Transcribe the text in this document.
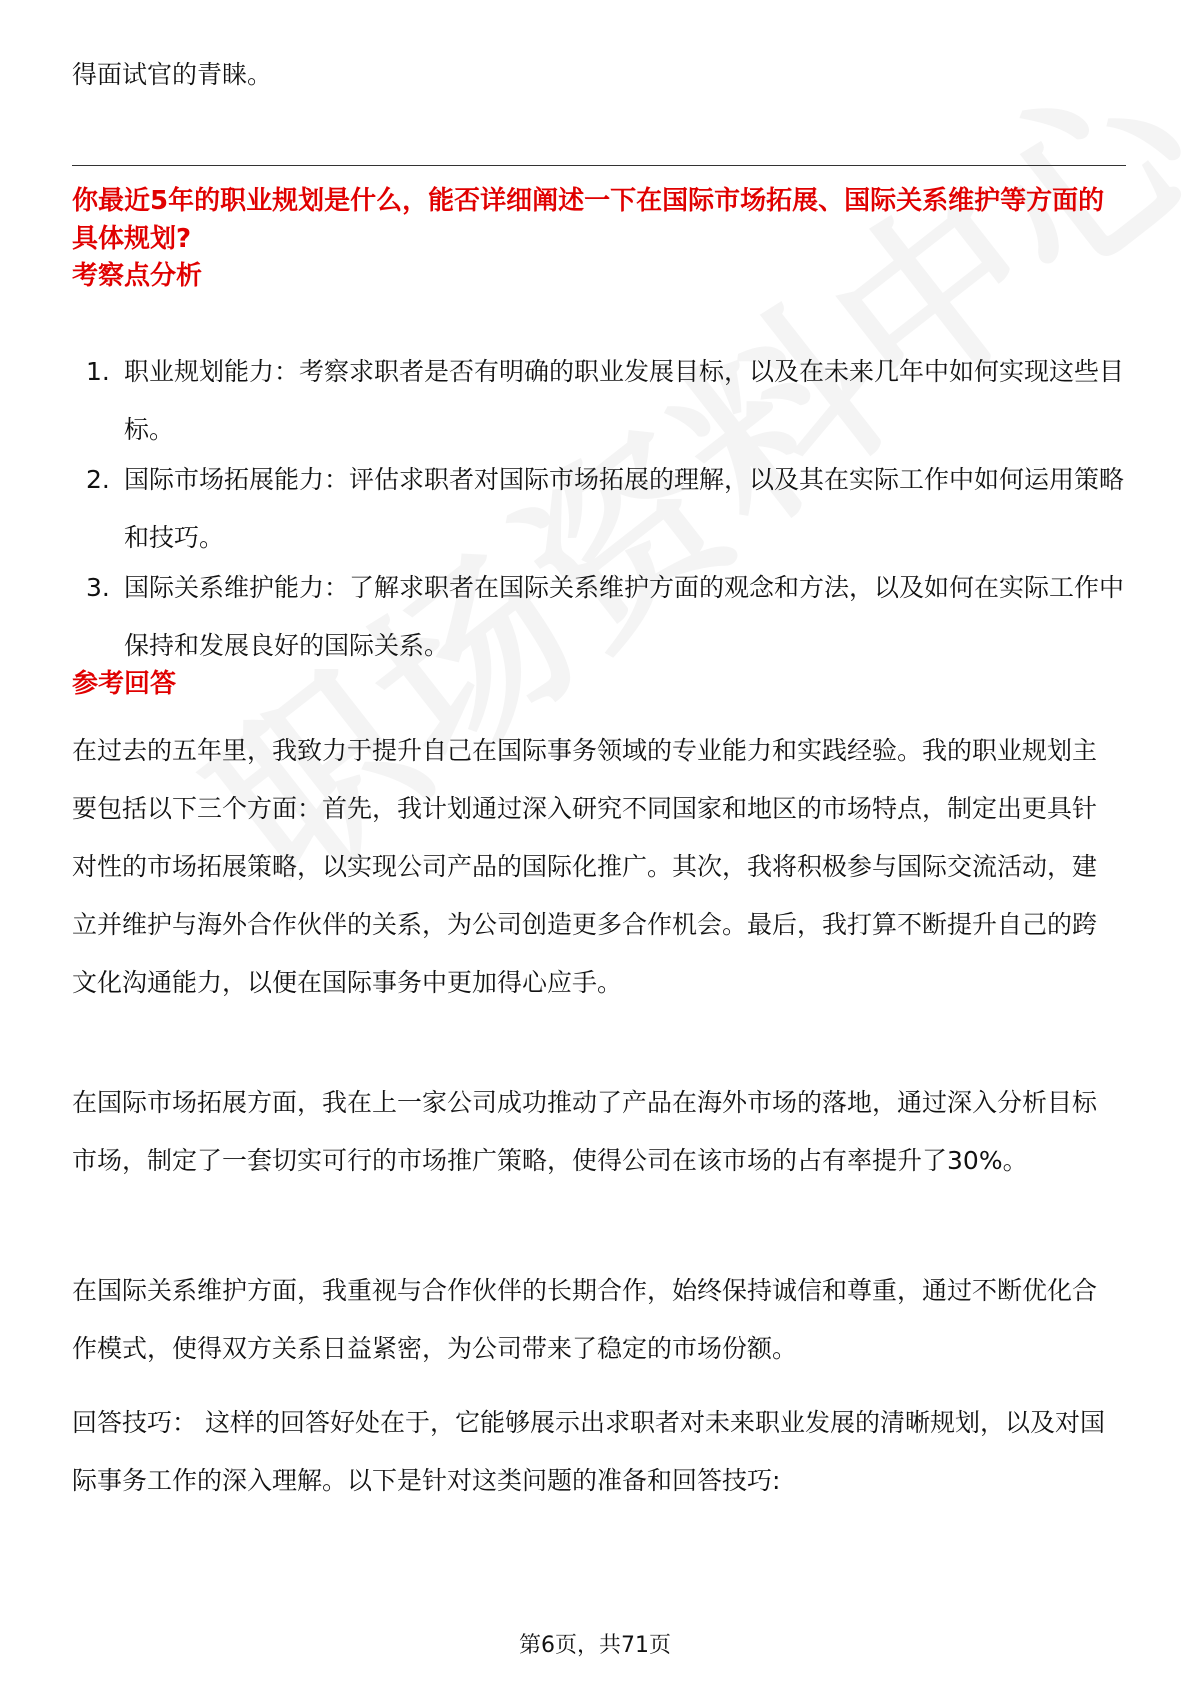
得面试官的青睐。

你最近5年的职业规划是什么，能否详细阐述一下在国际市场拓展、国际关系维护等方面的具体规划?

考察点分析

1. 职业规划能力：考察求职者是否有明确的职业发展目标，以及在未来几年中如何实现这些目标。
2. 国际市场拓展能力：评估求职者对国际市场拓展的理解，以及其在实际工作中如何运用策略和技巧。
3. 国际关系维护能力：了解求职者在国际关系维护方面的观念和方法，以及如何在实际工作中保持和发展良好的国际关系。

参考回答

在过去的五年里，我致力于提升自己在国际事务领域的专业能力和实践经验。我的职业规划主要包括以下三个方面：首先，我计划通过深入研究不同国家和地区的市场特点，制定出更具针对性的市场拓展策略，以实现公司产品的国际化推广。其次，我将积极参与国际交流活动，建立并维护与海外合作伙伴的关系，为公司创造更多合作机会。最后，我打算不断提升自己的跨文化沟通能力，以便在国际事务中更加得心应手。

在国际市场拓展方面，我在上一家公司成功推动了产品在海外市场的落地，通过深入分析目标市场，制定了一套切实可行的市场推广策略，使得公司在该市场的占有率提升了30%。

在国际关系维护方面，我重视与合作伙伴的长期合作，始终保持诚信和尊重，通过不断优化合作模式，使得双方关系日益紧密，为公司带来了稳定的市场份额。

回答技巧： 这样的回答好处在于，它能够展示出求职者对未来职业发展的清晰规划，以及对国际事务工作的深入理解。以下是针对这类问题的准备和回答技巧:

第6页，共71页
